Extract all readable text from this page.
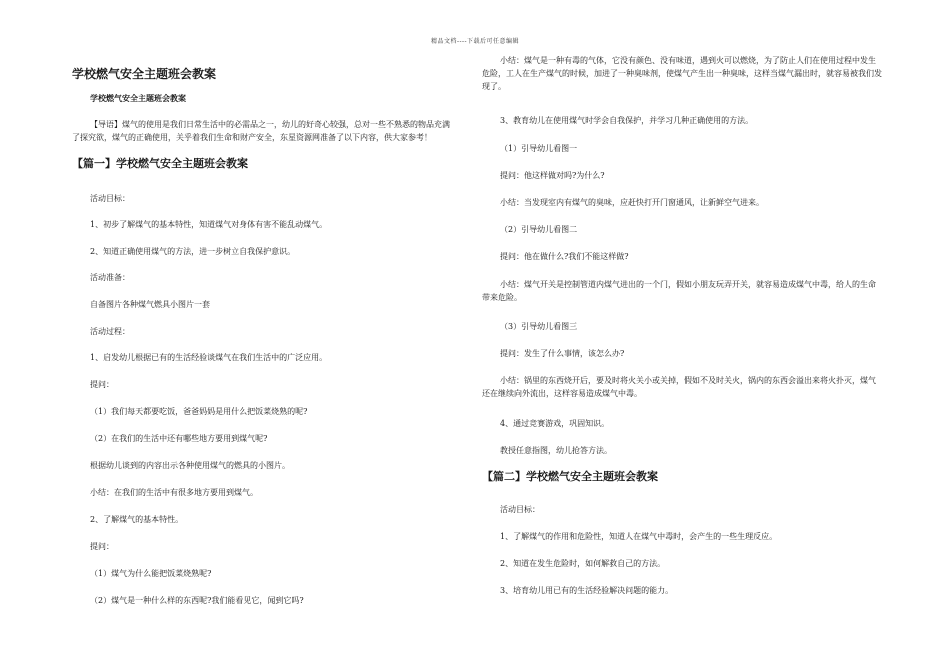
精品文档----下载后可任意编辑
学校燃气安全主题班会教案
学校燃气安全主题班会教案
【导语】煤气的使用是我们日常生活中的必需品之一，幼儿的好奇心较强，总对一些不熟悉的物品充满了探究欲，煤气的正确使用，关乎着我们生命和财产安全，东星资源网准备了以下内容，供大家参考！
【篇一】学校燃气安全主题班会教案
活动目标：
1、初步了解煤气的基本特性，知道煤气对身体有害不能乱动煤气。
2、知道正确使用煤气的方法，进一步树立自我保护意识。
活动准备：
自备图片各种煤气燃具小图片一套
活动过程：
1、启发幼儿根据已有的生活经验谈煤气在我们生活中的广泛应用。
提问：
（1）我们每天都要吃饭，爸爸妈妈是用什么把饭菜烧熟的呢?
（2）在我们的生活中还有哪些地方要用到煤气呢?
根据幼儿谈到的内容出示各种使用煤气的燃具的小图片。
小结：在我们的生活中有很多地方要用到煤气。
2、了解煤气的基本特性。
提问：
（1）煤气为什么能把饭菜烧熟呢?
（2）煤气是一种什么样的东西呢?我们能看见它，闻到它吗?
小结：煤气是一种有毒的气体，它没有颜色、没有味道，遇到火可以燃烧，为了防止人们在使用过程中发生危险，工人在生产煤气的时候，加进了一种臭味剂，使煤气产生出一种臭味，这样当煤气漏出时，就容易被我们发现了。
3、教育幼儿在使用煤气时学会自我保护，并学习几种正确使用的方法。
（1）引导幼儿看图一
提问：他这样做对吗?为什么?
小结：当发现室内有煤气的臭味，应赶快打开门窗通风，让新鲜空气进来。
（2）引导幼儿看图二
提问：他在做什么?我们不能这样做?
小结：煤气开关是控制管道内煤气进出的一个门，假如小朋友玩弄开关，就容易造成煤气中毒，给人的生命带来危险。
（3）引导幼儿看图三
提问：发生了什么事情，该怎么办?
小结：锅里的东西烧开后，要及时将火关小或关掉，假如不及时关火，锅内的东西会溢出来将火扑灭，煤气还在继续向外流出，这样容易造成煤气中毒。
4、通过竞赛游戏，巩固知识。
教授任意指图，幼儿抢答方法。
【篇二】学校燃气安全主题班会教案
活动目标：
1、了解煤气的作用和危险性，知道人在煤气中毒时，会产生的一些生理反应。
2、知道在发生危险时，如何解救自己的方法。
3、培育幼儿用已有的生活经验解决问题的能力。
